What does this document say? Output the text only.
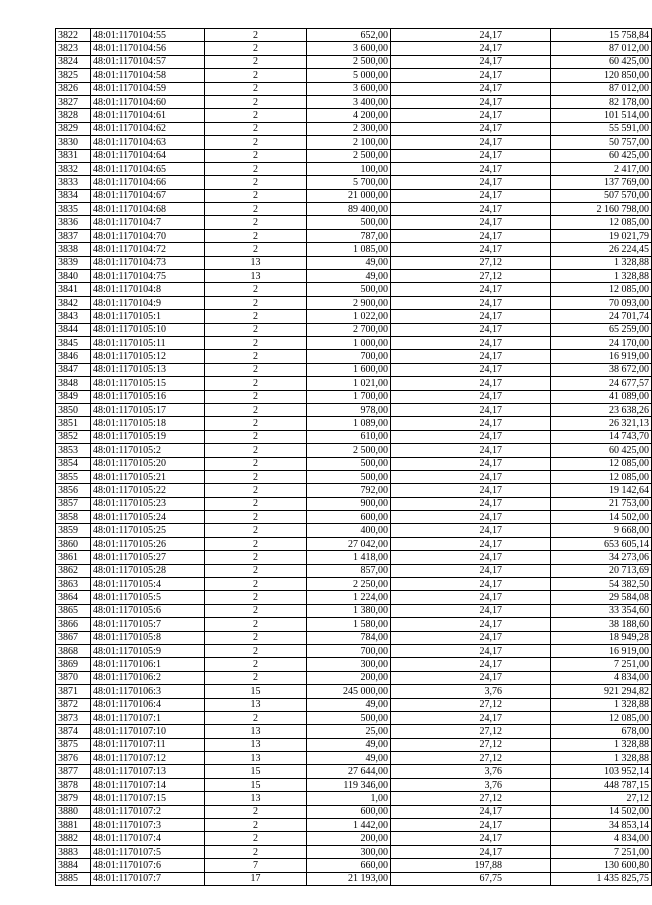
3822	48:01:1170104:55	2	652,00	24,17	15 758,84
3823	48:01:1170104:56	2	3 600,00	24,17	87 012,00
3824	48:01:1170104:57	2	2 500,00	24,17	60 425,00
3825	48:01:1170104:58	2	5 000,00	24,17	120 850,00
3826	48:01:1170104:59	2	3 600,00	24,17	87 012,00
3827	48:01:1170104:60	2	3 400,00	24,17	82 178,00
3828	48:01:1170104:61	2	4 200,00	24,17	101 514,00
3829	48:01:1170104:62	2	2 300,00	24,17	55 591,00
3830	48:01:1170104:63	2	2 100,00	24,17	50 757,00
3831	48:01:1170104:64	2	2 500,00	24,17	60 425,00
3832	48:01:1170104:65	2	100,00	24,17	2 417,00
3833	48:01:1170104:66	2	5 700,00	24,17	137 769,00
3834	48:01:1170104:67	2	21 000,00	24,17	507 570,00
3835	48:01:1170104:68	2	89 400,00	24,17	2 160 798,00
3836	48:01:1170104:7	2	500,00	24,17	12 085,00
3837	48:01:1170104:70	2	787,00	24,17	19 021,79
3838	48:01:1170104:72	2	1 085,00	24,17	26 224,45
3839	48:01:1170104:73	13	49,00	27,12	1 328,88
3840	48:01:1170104:75	13	49,00	27,12	1 328,88
3841	48:01:1170104:8	2	500,00	24,17	12 085,00
3842	48:01:1170104:9	2	2 900,00	24,17	70 093,00
3843	48:01:1170105:1	2	1 022,00	24,17	24 701,74
3844	48:01:1170105:10	2	2 700,00	24,17	65 259,00
3845	48:01:1170105:11	2	1 000,00	24,17	24 170,00
3846	48:01:1170105:12	2	700,00	24,17	16 919,00
3847	48:01:1170105:13	2	1 600,00	24,17	38 672,00
3848	48:01:1170105:15	2	1 021,00	24,17	24 677,57
3849	48:01:1170105:16	2	1 700,00	24,17	41 089,00
3850	48:01:1170105:17	2	978,00	24,17	23 638,26
3851	48:01:1170105:18	2	1 089,00	24,17	26 321,13
3852	48:01:1170105:19	2	610,00	24,17	14 743,70
3853	48:01:1170105:2	2	2 500,00	24,17	60 425,00
3854	48:01:1170105:20	2	500,00	24,17	12 085,00
3855	48:01:1170105:21	2	500,00	24,17	12 085,00
3856	48:01:1170105:22	2	792,00	24,17	19 142,64
3857	48:01:1170105:23	2	900,00	24,17	21 753,00
3858	48:01:1170105:24	2	600,00	24,17	14 502,00
3859	48:01:1170105:25	2	400,00	24,17	9 668,00
3860	48:01:1170105:26	2	27 042,00	24,17	653 605,14
3861	48:01:1170105:27	2	1 418,00	24,17	34 273,06
3862	48:01:1170105:28	2	857,00	24,17	20 713,69
3863	48:01:1170105:4	2	2 250,00	24,17	54 382,50
3864	48:01:1170105:5	2	1 224,00	24,17	29 584,08
3865	48:01:1170105:6	2	1 380,00	24,17	33 354,60
3866	48:01:1170105:7	2	1 580,00	24,17	38 188,60
3867	48:01:1170105:8	2	784,00	24,17	18 949,28
3868	48:01:1170105:9	2	700,00	24,17	16 919,00
3869	48:01:1170106:1	2	300,00	24,17	7 251,00
3870	48:01:1170106:2	2	200,00	24,17	4 834,00
3871	48:01:1170106:3	15	245 000,00	3,76	921 294,82
3872	48:01:1170106:4	13	49,00	27,12	1 328,88
3873	48:01:1170107:1	2	500,00	24,17	12 085,00
3874	48:01:1170107:10	13	25,00	27,12	678,00
3875	48:01:1170107:11	13	49,00	27,12	1 328,88
3876	48:01:1170107:12	13	49,00	27,12	1 328,88
3877	48:01:1170107:13	15	27 644,00	3,76	103 952,14
3878	48:01:1170107:14	15	119 346,00	3,76	448 787,15
3879	48:01:1170107:15	13	1,00	27,12	27,12
3880	48:01:1170107:2	2	600,00	24,17	14 502,00
3881	48:01:1170107:3	2	1 442,00	24,17	34 853,14
3882	48:01:1170107:4	2	200,00	24,17	4 834,00
3883	48:01:1170107:5	2	300,00	24,17	7 251,00
3884	48:01:1170107:6	7	660,00	197,88	130 600,80
3885	48:01:1170107:7	17	21 193,00	67,75	1 435 825,75
